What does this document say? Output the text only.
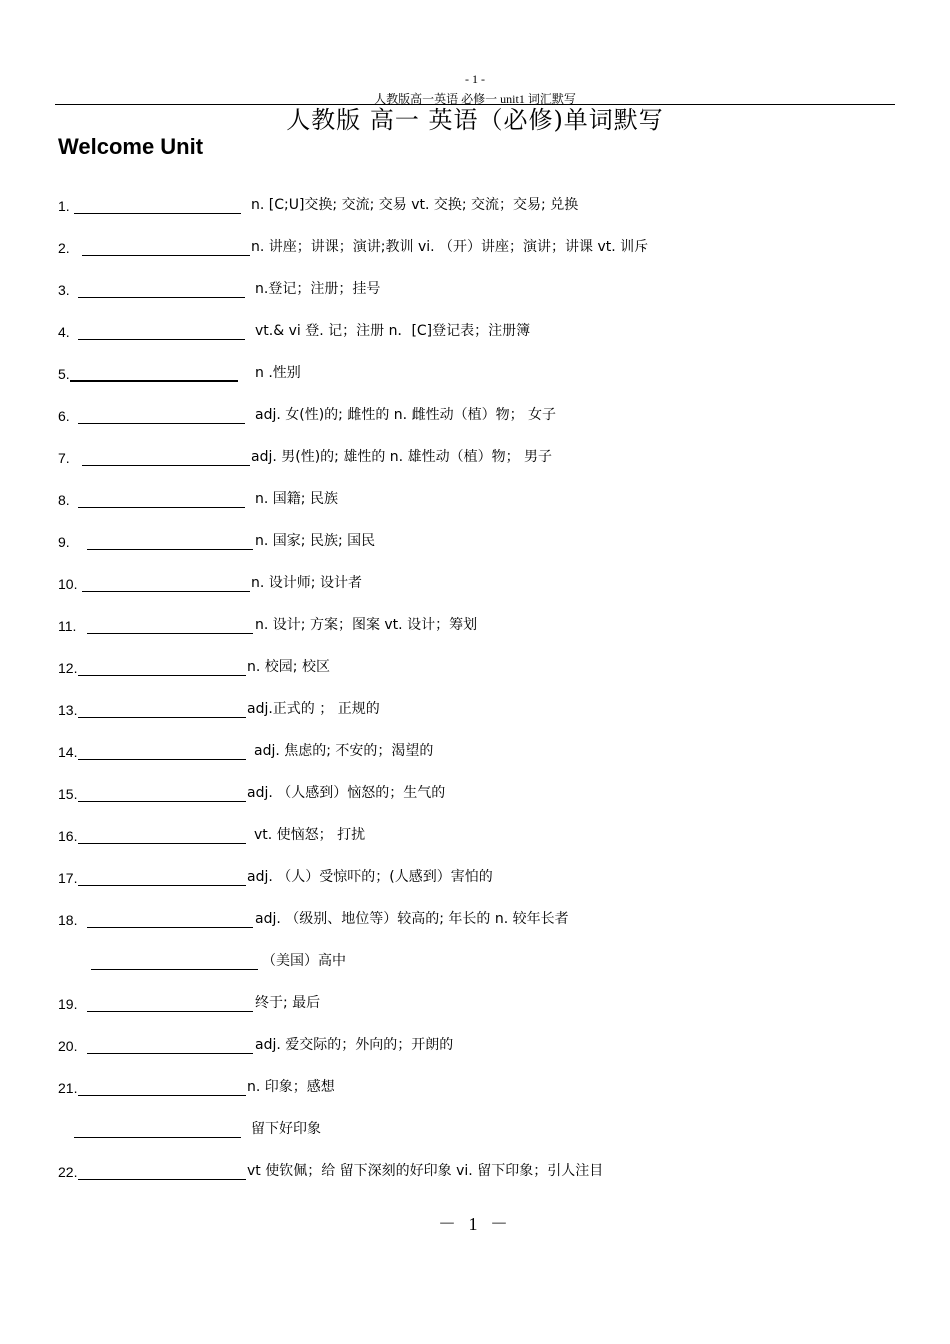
- 1 -
人教版高一英语 必修一 unit1 词汇默写
人教版 高一 英语（必修)单词默写
Welcome Unit
1.	n. [C;U]交换; 交流; 交易 vt. 交换; 交流；交易; 兑换
2.	n. 讲座；讲课；演讲;教训 vi. （开）讲座；演讲；讲课 vt. 训斥
3.	n.登记；注册；挂号
4.	vt.& vi 登. 记；注册 n．[C]登记表；注册簿
5.	n .性别
6.	adj. 女(性)的; 雌性的 n. 雌性动（植）物； 女子
7.	adj. 男(性)的; 雄性的 n. 雄性动（植）物； 男子
8.	n. 国籍; 民族
9.	n. 国家; 民族; 国民
10.	n. 设计师; 设计者
11.	n. 设计; 方案；图案 vt. 设计；筹划
12.	n. 校园; 校区
13.	adj.正式的 ； 正规的
14.	adj. 焦虑的; 不安的；渴望的
15.	adj. （人感到）恼怒的；生气的
16.	vt. 使恼怒； 打扰
17.	adj. （人）受惊吓的；(人感到）害怕的
18.	adj. （级别、地位等）较高的; 年长的 n. 较年长者
（美国）高中
19.	终于; 最后
20.	adj. 爱交际的；外向的；开朗的
21.	n. 印象；感想
留下好印象
22.	vt 使钦佩；给 留下深刻的好印象 vi. 留下印象；引人注目
－ 1 －
